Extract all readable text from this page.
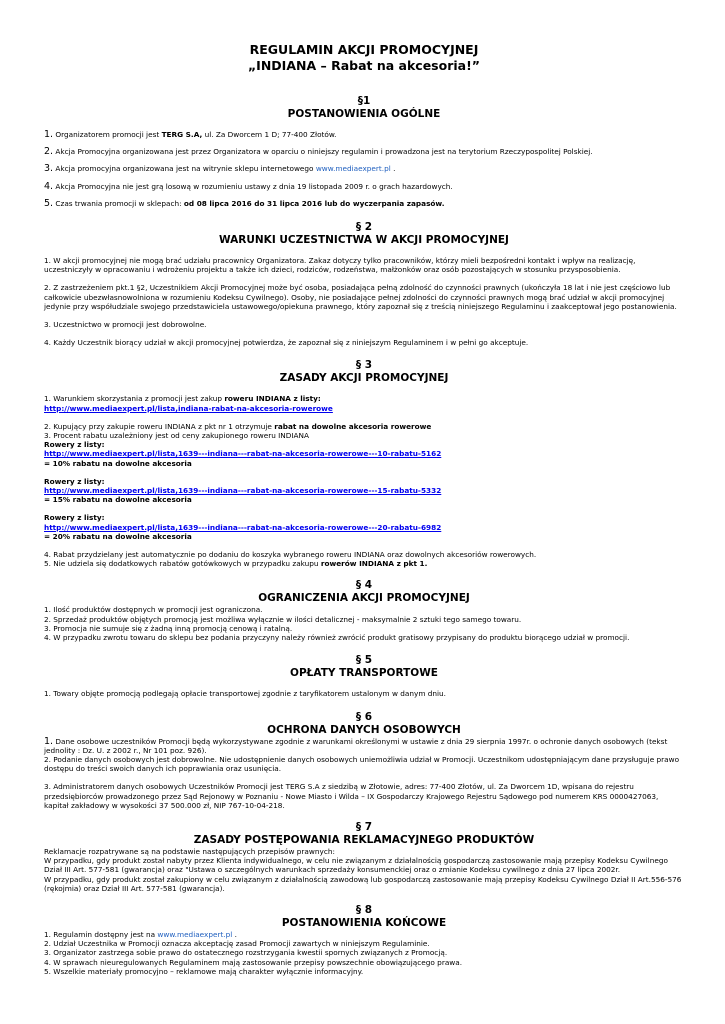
REGULAMIN AKCJI PROMOCYJNEJ

„INDIANA – Rabat na akcesoria!”

§1

POSTANOWIENIA OGÓLNE

1. Organizatorem promocji jest TERG S.A, ul. Za Dworcem 1 D; 77-400 Złotów.

2. Akcja Promocyjna organizowana jest przez Organizatora w oparciu o niniejszy regulamin i prowadzona jest na terytorium Rzeczypospolitej Polskiej.

3. Akcja promocyjna organizowana jest na witrynie sklepu internetowego www.mediaexpert.pl .

4. Akcja Promocyjna nie jest grą losową w rozumieniu ustawy z dnia 19 listopada 2009 r. o grach hazardowych.

5. Czas trwania promocji w sklepach: od 08 lipca 2016 do 31 lipca 2016 lub do wyczerpania zapasów.

§ 2

WARUNKI UCZESTNICTWA W AKCJI PROMOCYJNEJ

1. W akcji promocyjnej nie mogą brać udziału pracownicy Organizatora. Zakaz dotyczy tylko pracowników, którzy mieli bezpośredni kontakt i wpływ na realizację, uczestniczyły w opracowaniu i wdrożeniu projektu a także ich dzieci, rodziców, rodzeństwa, małżonków oraz osób pozostających w stosunku przysposobienia.

2. Z zastrzeżeniem pkt.1 §2, Uczestnikiem Akcji Promocyjnej może być osoba, posiadająca pełną zdolność do czynności prawnych (ukończyła 18 lat i nie jest częściowo lub całkowicie ubezwłasnowolniona w rozumieniu Kodeksu Cywilnego). Osoby, nie posiadające pełnej zdolności do czynności prawnych mogą brać udział w akcji promocyjnej jedynie przy współudziale swojego przedstawiciela ustawowego/opiekuna prawnego, który zapoznał się z treścią niniejszego Regulaminu i zaakceptował jego postanowienia.

3. Uczestnictwo w promocji jest dobrowolne.

4. Każdy Uczestnik biorący udział w akcji promocyjnej potwierdza, że zapoznał się z niniejszym Regulaminem i w pełni go akceptuje.

§ 3

ZASADY AKCJI PROMOCYJNEJ

1. Warunkiem skorzystania z promocji jest zakup roweru INDIANA z listy:

http://www.mediaexpert.pl/lista,indiana-rabat-na-akcesoria-rowerowe

2. Kupujący przy zakupie roweru INDIANA z pkt nr 1 otrzymuje rabat na dowolne akcesoria rowerowe

3. Procent rabatu uzależniony jest od ceny zakupionego roweru INDIANA

Rowery z listy:

http://www.mediaexpert.pl/lista,1639---indiana---rabat-na-akcesoria-rowerowe---10-rabatu-5162

= 10% rabatu na dowolne akcesoria

Rowery z listy:

http://www.mediaexpert.pl/lista,1639---indiana---rabat-na-akcesoria-rowerowe---15-rabatu-5332

= 15% rabatu na dowolne akcesoria

Rowery z listy:

http://www.mediaexpert.pl/lista,1639---indiana---rabat-na-akcesoria-rowerowe---20-rabatu-6982

= 20% rabatu na dowolne akcesoria

4. Rabat przydzielany jest automatycznie po dodaniu do koszyka wybranego roweru INDIANA oraz dowolnych akcesoriów rowerowych.

5. Nie udziela się dodatkowych rabatów gotówkowych w przypadku zakupu rowerów INDIANA z pkt 1.

§ 4

OGRANICZENIA AKCJI PROMOCYJNEJ

1. Ilość produktów dostępnych w promocji jest ograniczona.

2. Sprzedaż produktów objętych promocją jest możliwa wyłącznie w ilości detalicznej - maksymalnie 2 sztuki tego samego towaru.

3. Promocja nie sumuje się z żadną inną promocją cenową i ratalną.

4. W przypadku zwrotu towaru do sklepu bez podania przyczyny należy również zwrócić produkt gratisowy przypisany do produktu biorącego udział w promocji.

§ 5

OPŁATY TRANSPORTOWE

1. Towary objęte promocją podlegają opłacie transportowej zgodnie z taryfikatorem ustalonym w danym dniu.

§ 6

OCHRONA DANYCH OSOBOWYCH

1. Dane osobowe uczestników Promocji będą wykorzystywane zgodnie z warunkami określonymi w ustawie z dnia 29 sierpnia 1997r. o ochronie danych osobowych (tekst jednolity : Dz. U. z 2002 r., Nr 101 poz. 926).

2. Podanie danych osobowych jest dobrowolne. Nie udostępnienie danych osobowych uniemożliwia udział w Promocji. Uczestnikom udostępniającym dane przysługuje prawo dostępu do treści swoich danych ich poprawiania oraz usunięcia.

3. Administratorem danych osobowych Uczestników Promocji jest TERG S.A z siedzibą w Złotowie, adres: 77-400 Złotów, ul. Za Dworcem 1D, wpisana do rejestru przedsiębiorców prowadzonego przez Sąd Rejonowy w Poznaniu - Nowe Miasto i Wilda – IX Gospodarczy Krajowego Rejestru Sądowego pod numerem KRS 0000427063, kapitał zakładowy w wysokości 37 500.000 zł, NIP 767-10-04-218.

§ 7

ZASADY POSTĘPOWANIA REKLAMACYJNEGO PRODUKTÓW

Reklamacje rozpatrywane są na podstawie następujących przepisów prawnych:

W przypadku, gdy produkt został nabyty przez Klienta indywidualnego, w celu nie związanym z działalnością gospodarczą zastosowanie mają przepisy Kodeksu Cywilnego Dział III Art. 577-581 (gwarancja) oraz "Ustawa o szczególnych warunkach sprzedaży konsumenckiej oraz o zmianie Kodeksu cywilnego z dnia 27 lipca 2002r.

W przypadku, gdy produkt został zakupiony w celu związanym z działalnością zawodową lub gospodarczą zastosowanie mają przepisy Kodeksu Cywilnego Dział II Art.556-576 (rękojmia) oraz Dział III Art. 577-581 (gwarancja).

§ 8

POSTANOWIENIA KOŃCOWE

1. Regulamin dostępny jest na www.mediaexpert.pl .

2. Udział Uczestnika w Promocji oznacza akceptację zasad Promocji zawartych w niniejszym Regulaminie.

3. Organizator zastrzega sobie prawo do ostatecznego rozstrzygania kwestii spornych związanych z Promocją.

4. W sprawach nieuregulowanych Regulaminem mają zastosowanie przepisy powszechnie obowiązującego prawa.

5. Wszelkie materiały promocyjno – reklamowe mają charakter wyłącznie informacyjny.
